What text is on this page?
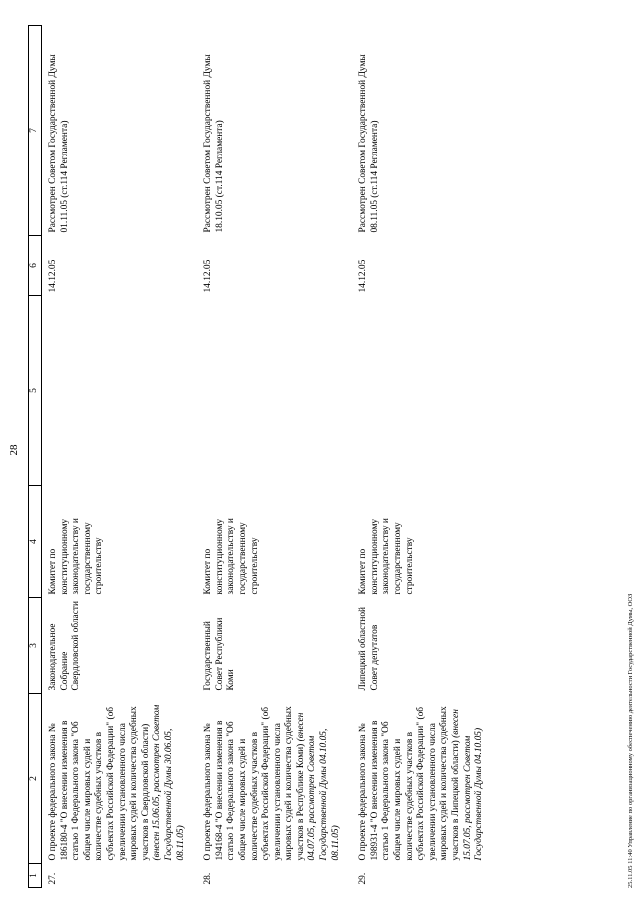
28
1	2	3	4	5	6	7
27.	О проекте федерального закона № 186180-4 "О внесении изменения в статью 1 Федерального закона "Об общем числе мировых судей и количестве судебных участков в субъектах Российской Федерации" (об увеличении установленного числа мировых судей и количества судебных участков в Свердловской области) (внесен 15.06.05, рассмотрен Советом Государственной Думы 30.06.05, 08.11.05)	Законодательное Собрание Свердловской области	Комитет по конституционному законодательству и государственному строительству		14.12.05	Рассмотрен Советом Государственной Думы 01.11.05 (ст.114 Регламента)
28.	О проекте федерального закона № 194168-4 "О внесении изменения в статью 1 Федерального закона "Об общем числе мировых судей и количестве судебных участков в субъектах Российской Федерации" (об увеличении установленного числа мировых судей и количества судебных участков в Республике Коми) (внесен 04.07.05, рассмотрен Советом Государственной Думы 04.10.05, 08.11.05)	Государственный Совет Республики Коми	Комитет по конституционному законодательству и государственному строительству		14.12.05	Рассмотрен Советом Государственной Думы 18.10.05 (ст.114 Регламента)
29.	О проекте федерального закона № 198931-4 "О внесении изменения в статью 1 Федерального закона "Об общем числе мировых судей и количестве судебных участков в субъектах Российской Федерации" (об увеличении установленного числа мировых судей и количества судебных участков в Липецкой области) (внесен 15.07.05, рассмотрен Советом Государственной Думы 04.10.05)	Липецкий областной Совет депутатов	Комитет по конституционному законодательству и государственному строительству		14.12.05	Рассмотрен Советом Государственной Думы 08.11.05 (ст.114 Регламента)
25.11.05 11:40 Управление по организационному обеспечению деятельности Государственной Думы, ООЗ
